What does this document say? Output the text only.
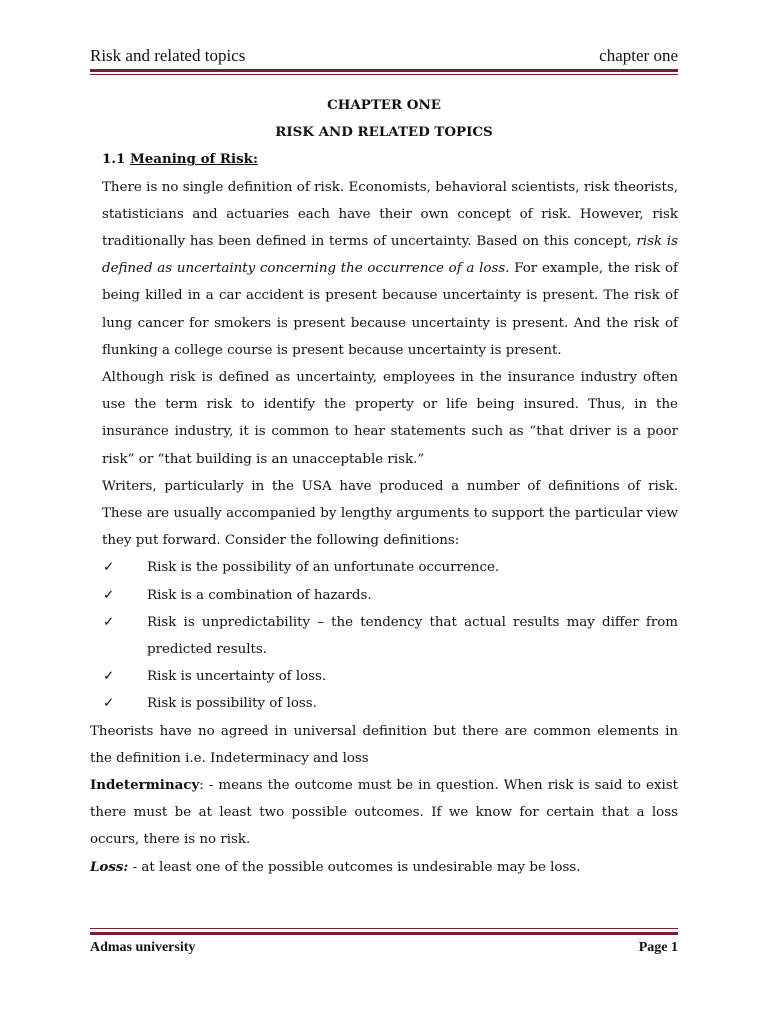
Risk and related topics	chapter one
CHAPTER ONE
RISK AND RELATED TOPICS
1.1 Meaning of Risk:

There is no single definition of risk. Economists, behavioral scientists, risk theorists, statisticians and actuaries each have their own concept of risk. However, risk traditionally has been defined in terms of uncertainty. Based on this concept, risk is defined as uncertainty concerning the occurrence of a loss. For example, the risk of being killed in a car accident is present because uncertainty is present. The risk of lung cancer for smokers is present because uncertainty is present. And the risk of flunking a college course is present because uncertainty is present.

Although risk is defined as uncertainty, employees in the insurance industry often use the term risk to identify the property or life being insured. Thus, in the insurance industry, it is common to hear statements such as “that driver is a poor risk” or “that building is an unacceptable risk.”

Writers, particularly in the USA have produced a number of definitions of risk. These are usually accompanied by lengthy arguments to support the particular view they put forward. Consider the following definitions:

✓ Risk is the possibility of an unfortunate occurrence.
✓ Risk is a combination of hazards.
✓ Risk is unpredictability – the tendency that actual results may differ from predicted results.
✓ Risk is uncertainty of loss.
✓ Risk is possibility of loss.

Theorists have no agreed in universal definition but there are common elements in the definition i.e. Indeterminacy and loss

Indeterminacy: - means the outcome must be in question. When risk is said to exist there must be at least two possible outcomes. If we know for certain that a loss occurs, there is no risk.

Loss: - at least one of the possible outcomes is undesirable may be loss.

Admas university	Page 1
